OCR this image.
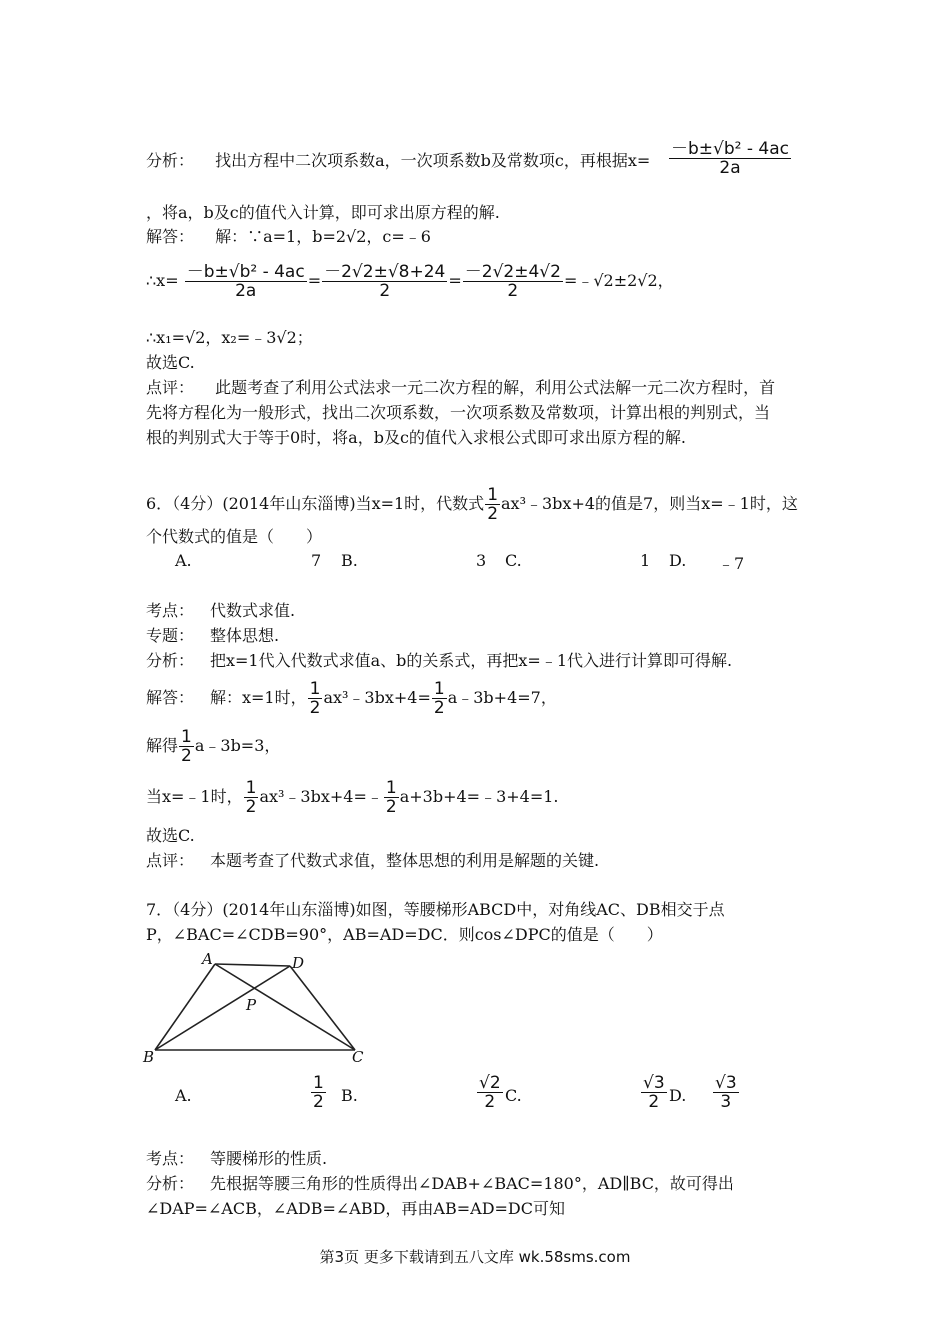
分析： 找出方程中二次项系数a，一次项系数b及常数项c，再根据$x= \frac{\text{－b±√b² - 4ac}}{2a}$
，将a，b及c的值代入计算，即可求出原方程的解.
解答： 解：∵a=1，b=2√2，c=﹣6
∴x= $\frac{\text{－b±√b² - 4ac}}{2a} = \frac{-2√2\pm√8+24}{2} = \frac{-2√2\pm 4√2}{2}$ =﹣√2±2√2，
∴x₁=√2，x₂=﹣3√2；
故选C.
点评： 此题考查了利用公式法求一元二次方程的解，利用公式法解一元二次方程时，首
先将方程化为一般形式，找出二次项系数，一次项系数及常数项，计算出根的判别式，当
根的判别式大于等于0时，将a，b及c的值代入求根公式即可求出原方程的解.
6．（4分）(2014年山东淄博)当x=1时，代数式 $\frac{1}{2}$ ax³﹣3bx+4的值是7，则当x=﹣1时，这
个代数式的值是（　　）
A.	7 B.	3 C.	1 D. ﹣7
考点： 代数式求值.
专题： 整体思想.
分析： 把x=1代入代数式求值a、b的关系式，再把x=﹣1代入进行计算即可得解.
解答： 解：x=1时， $\frac{1}{2}$ ax³﹣3bx+4= $\frac{1}{2}$ a﹣3b+4=7，
解得 $\frac{1}{2}$ a﹣3b=3，
当x=﹣1时， $\frac{1}{2}$ ax³﹣3bx+4=﹣ $\frac{1}{2}$ a+3b+4=﹣3+4=1.
故选C.
点评： 本题考查了代数式求值，整体思想的利用是解题的关键.
7．（4分）(2014年山东淄博)如图，等腰梯形ABCD中，对角线AC、DB相交于点
P，∠BAC=∠CDB=90°，AB=AD=DC．则cos∠DPC的值是（　　）
A	D
P
B	C
A.	$\frac{1}{2} B$.	$\frac{√2}{2} C$.	$\frac{√3}{2} D$. $\frac{√3}{3}$
考点： 等腰梯形的性质.
分析： 先根据等腰三角形的性质得出∠DAB+∠BAC=180°，AD∥BC，故可得出
∠DAP=∠ACB，∠ADB=∠ABD，再由AB=AD=DC可知
第3页 更多下载请到五八文库 wk.58sms.com
